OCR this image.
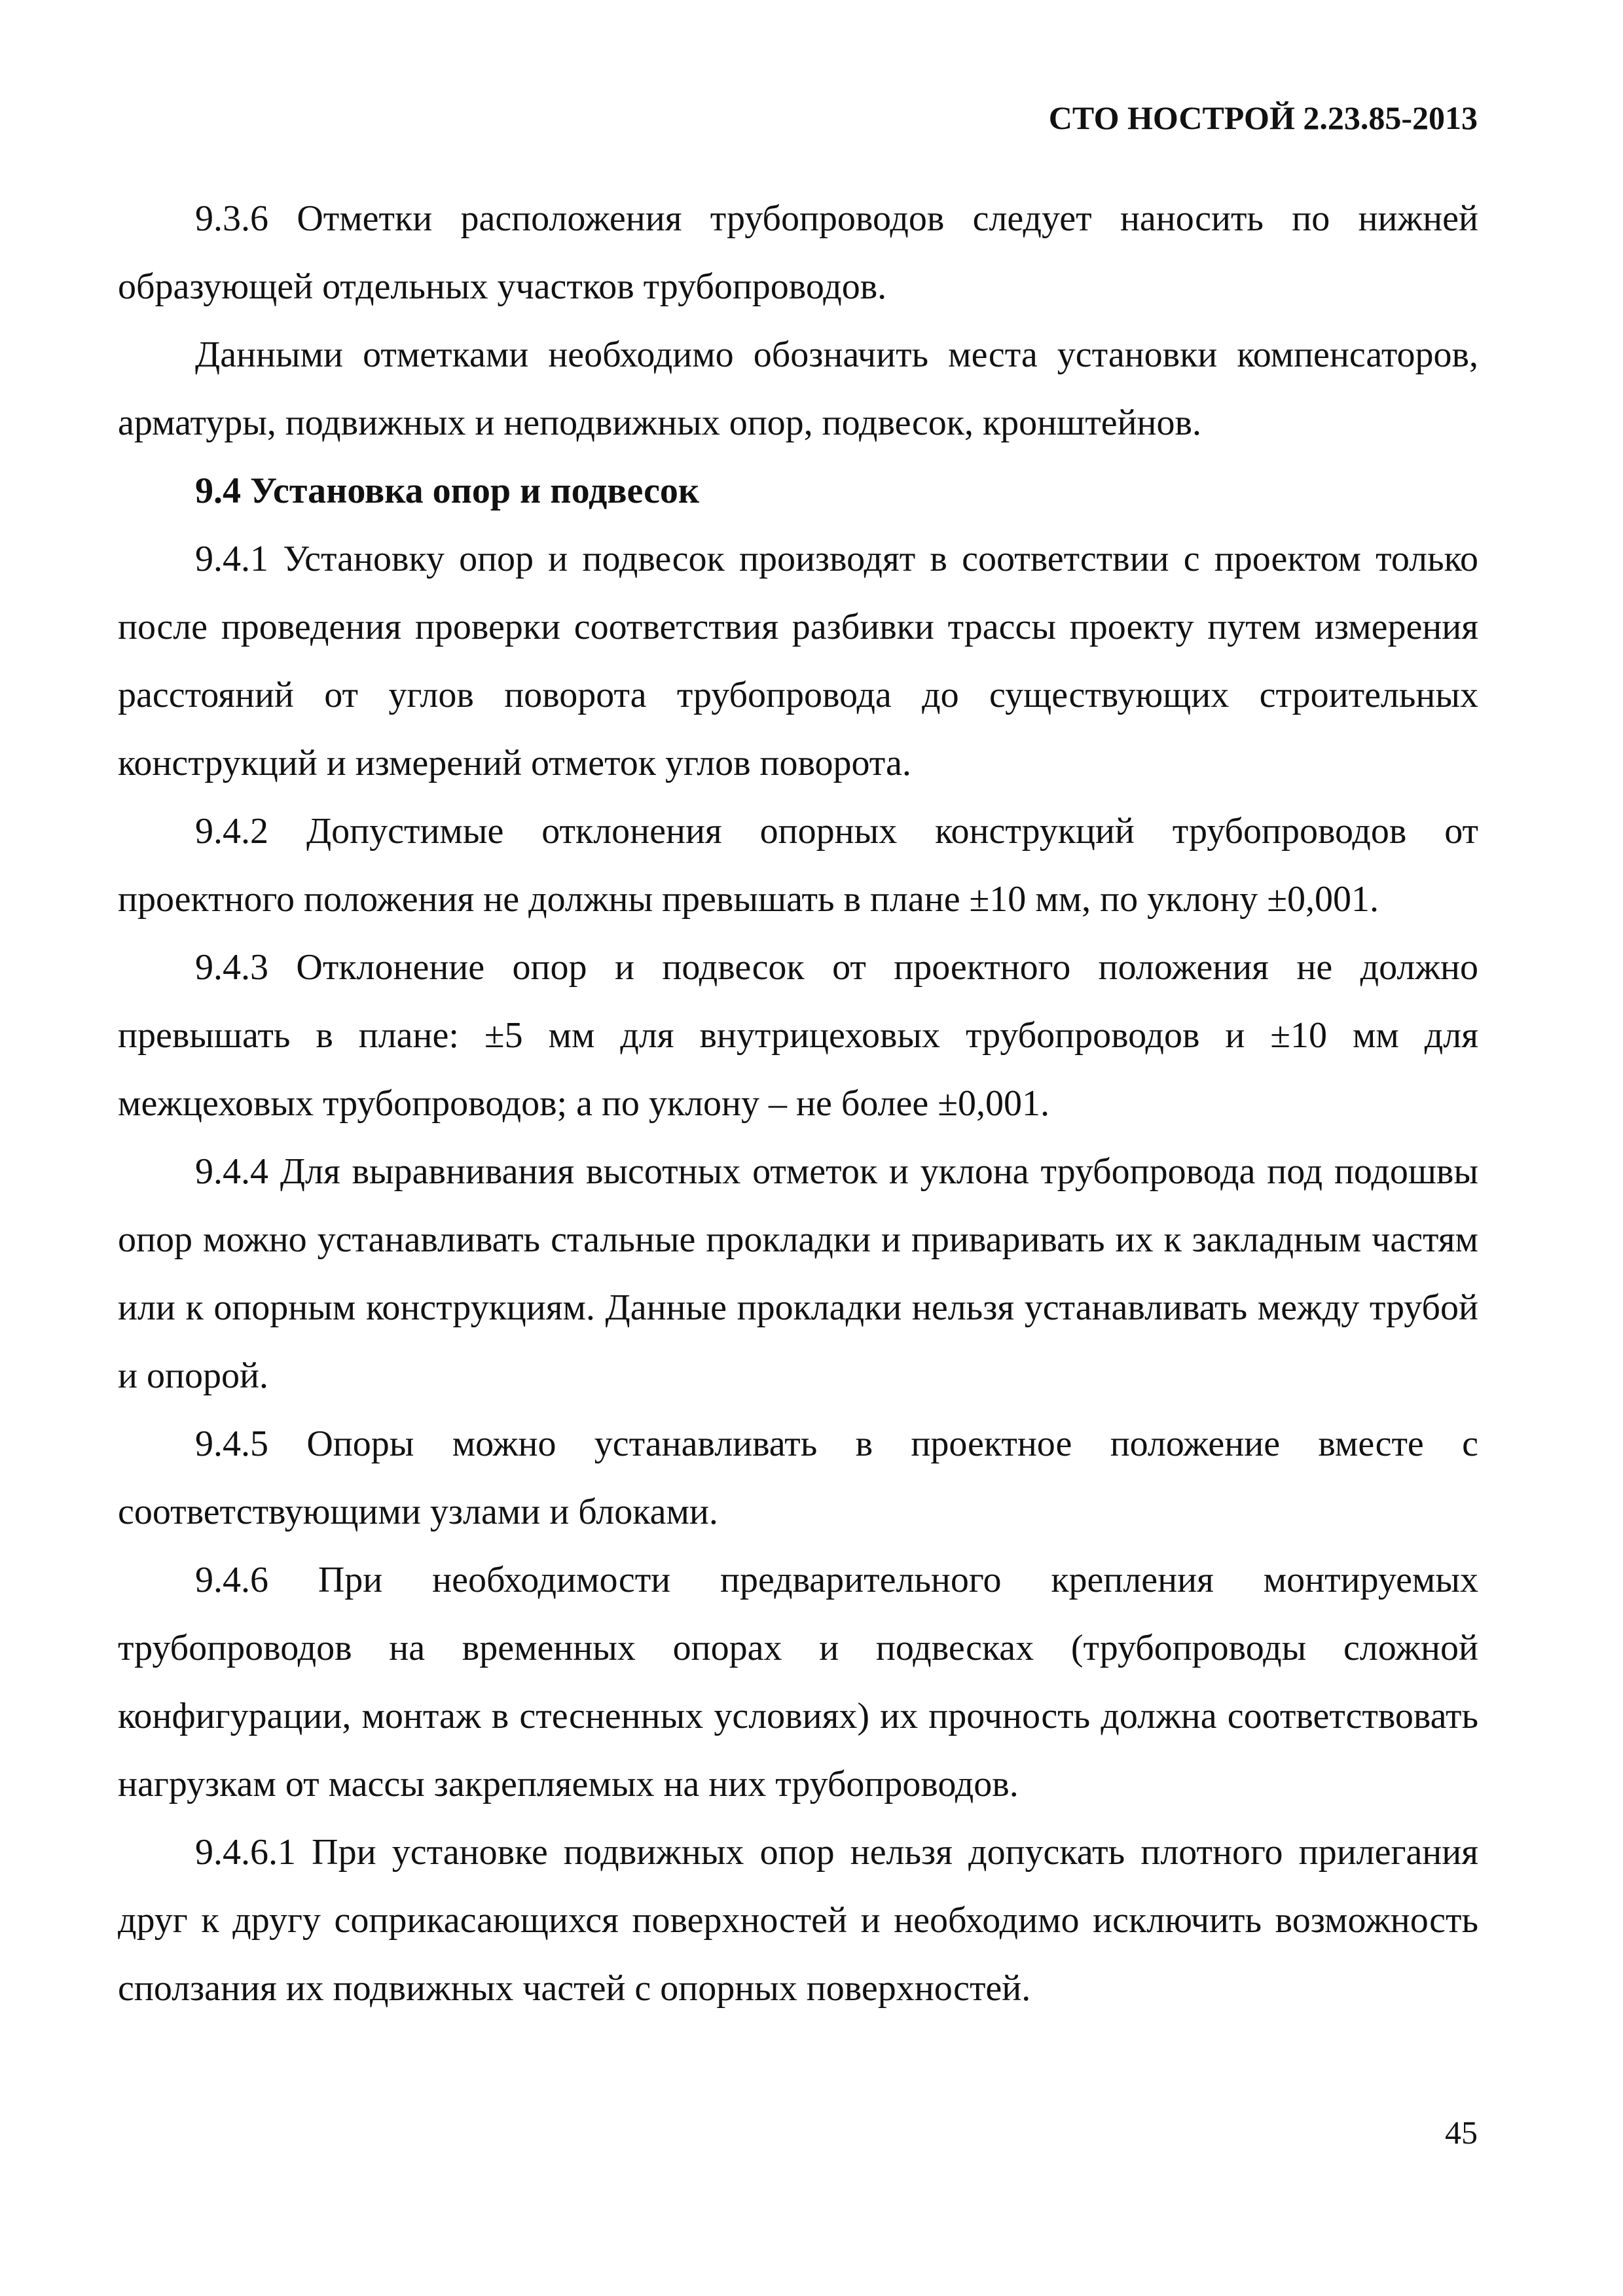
СТО НОСТРОЙ 2.23.85-2013

9.3.6 Отметки расположения трубопроводов следует наносить по нижней образующей отдельных участков трубопроводов.

Данными отметками необходимо обозначить места установки компенсаторов, арматуры, подвижных и неподвижных опор, подвесок, кронштейнов.

9.4 Установка опор и подвесок

9.4.1 Установку опор и подвесок производят в соответствии с проектом только после проведения проверки соответствия разбивки трассы проекту путем измерения расстояний от углов поворота трубопровода до существующих строительных конструкций и измерений отметок углов поворота.

9.4.2 Допустимые отклонения опорных конструкций трубопроводов от проектного положения не должны превышать в плане ±10 мм, по уклону ±0,001.

9.4.3 Отклонение опор и подвесок от проектного положения не должно превышать в плане: ±5 мм для внутрицеховых трубопроводов и ±10 мм для межцеховых трубопроводов; а по уклону – не более ±0,001.

9.4.4 Для выравнивания высотных отметок и уклона трубопровода под подошвы опор можно устанавливать стальные прокладки и приваривать их к закладным частям или к опорным конструкциям. Данные прокладки нельзя устанавливать между трубой и опорой.

9.4.5 Опоры можно устанавливать в проектное положение вместе с соответствующими узлами и блоками.

9.4.6 При необходимости предварительного крепления монтируемых трубопроводов на временных опорах и подвесках (трубопроводы сложной конфигурации, монтаж в стесненных условиях) их прочность должна соответствовать нагрузкам от массы закрепляемых на них трубопроводов.

9.4.6.1 При установке подвижных опор нельзя допускать плотного прилегания друг к другу соприкасающихся поверхностей и необходимо исключить возможность сползания их подвижных частей с опорных поверхностей.

45
